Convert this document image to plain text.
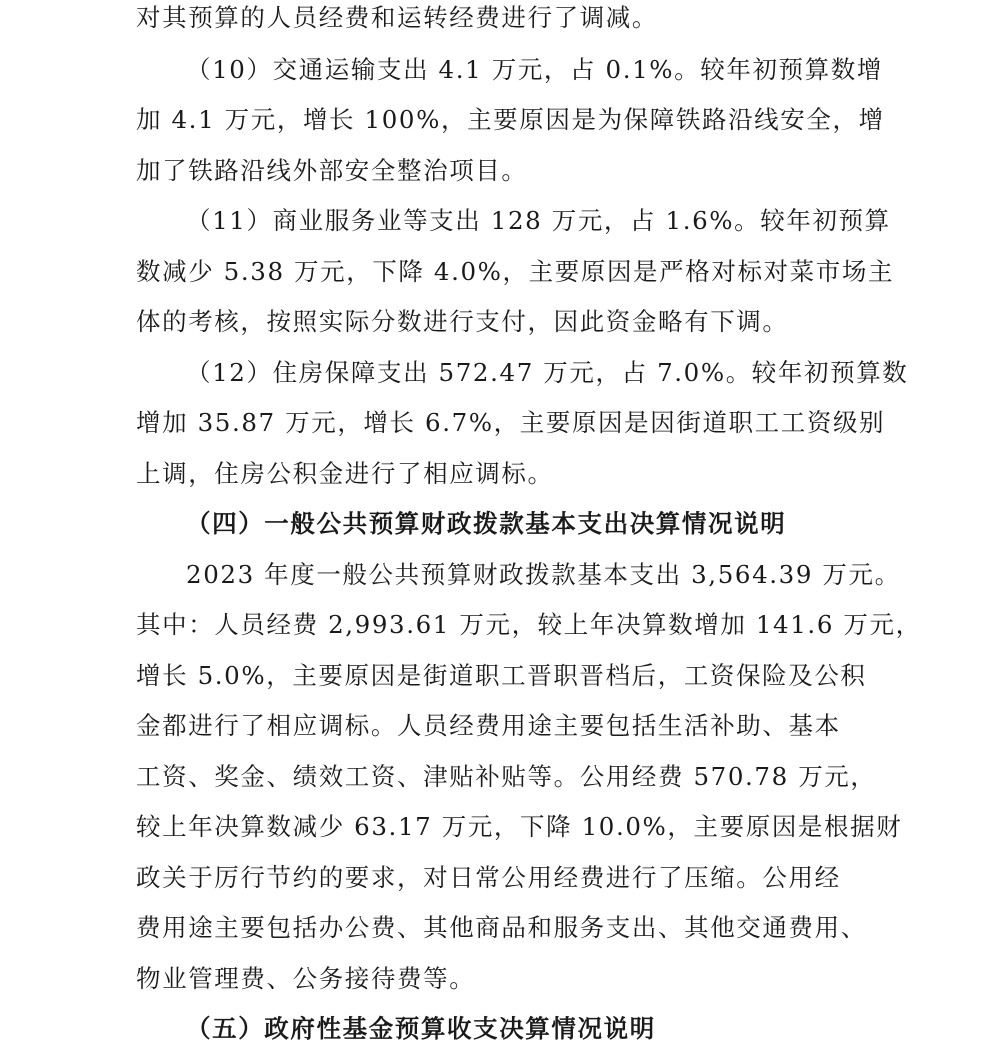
对其预算的人员经费和运转经费进行了调减。
（10）交通运输支出 4.1 万元，占 0.1%。较年初预算数增
加 4.1 万元，增长 100%，主要原因是为保障铁路沿线安全，增
加了铁路沿线外部安全整治项目。
（11）商业服务业等支出 128 万元，占 1.6%。较年初预算
数减少 5.38 万元，下降 4.0%，主要原因是严格对标对菜市场主
体的考核，按照实际分数进行支付，因此资金略有下调。
（12）住房保障支出 572.47 万元，占 7.0%。较年初预算数
增加 35.87 万元，增长 6.7%，主要原因是因街道职工工资级别
上调，住房公积金进行了相应调标。
（四）一般公共预算财政拨款基本支出决算情况说明
2023 年度一般公共预算财政拨款基本支出 3,564.39 万元。
其中：人员经费 2,993.61 万元，较上年决算数增加 141.6 万元，
增长 5.0%，主要原因是街道职工晋职晋档后，工资保险及公积
金都进行了相应调标。人员经费用途主要包括生活补助、基本
工资、奖金、绩效工资、津贴补贴等。公用经费 570.78 万元，
较上年决算数减少 63.17 万元，下降 10.0%，主要原因是根据财
政关于厉行节约的要求，对日常公用经费进行了压缩。公用经
费用途主要包括办公费、其他商品和服务支出、其他交通费用、
物业管理费、公务接待费等。
（五）政府性基金预算收支决算情况说明
